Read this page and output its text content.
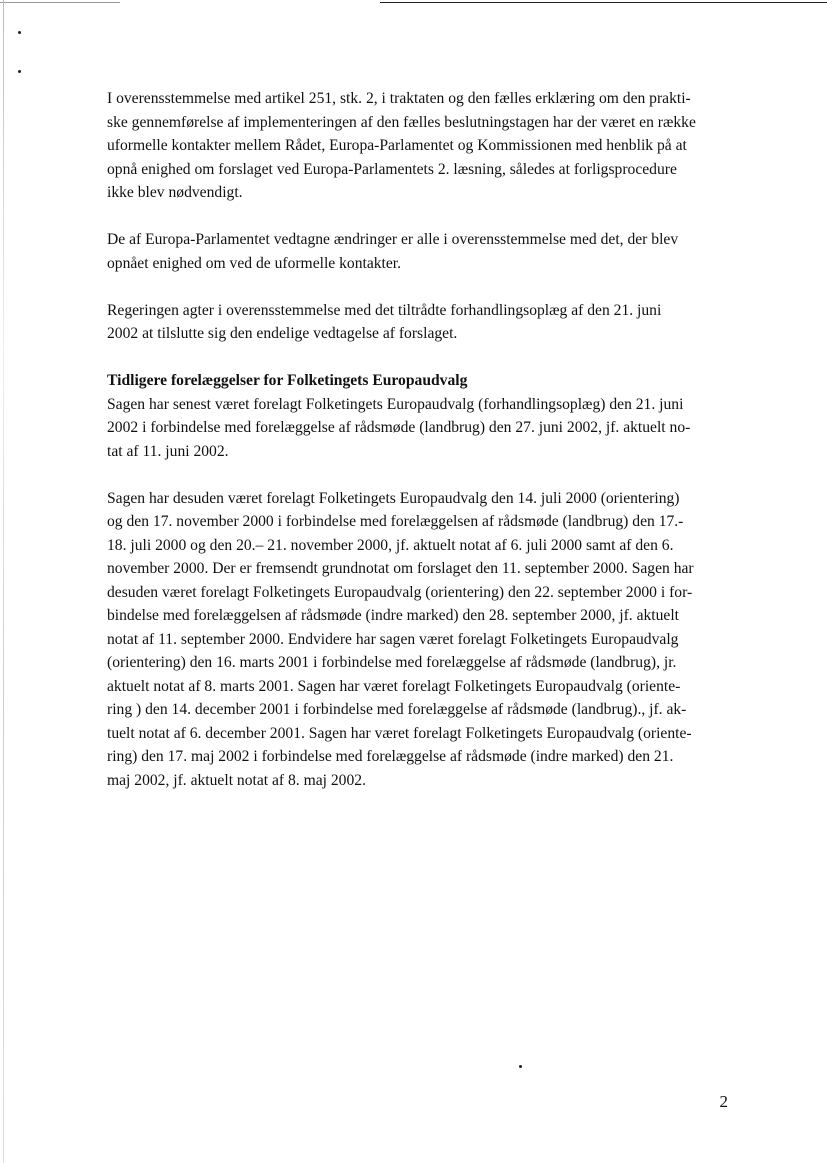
I overensstemmelse med artikel 251, stk. 2, i traktaten og den fælles erklæring om den prakti-
ske gennemførelse af implementeringen af den fælles beslutningstagen har der været en række
uformelle kontakter mellem Rådet, Europa-Parlamentet og Kommissionen med henblik på at
opnå enighed om forslaget ved Europa-Parlamentets 2. læsning, således at forligsprocedure
ikke blev nødvendigt.
De af Europa-Parlamentet vedtagne ændringer er alle i overensstemmelse med det, der blev
opnået enighed om ved de uformelle kontakter.
Regeringen agter i overensstemmelse med det tiltrådte forhandlingsoplæg af den 21. juni
2002 at tilslutte sig den endelige vedtagelse af forslaget.
Tidligere forelæggelser for Folketingets Europaudvalg
Sagen har senest været forelagt Folketingets Europaudvalg (forhandlingsoplæg) den 21. juni
2002 i forbindelse med forelæggelse af rådsmøde (landbrug) den 27. juni 2002, jf. aktuelt no-
tat af 11. juni 2002.
Sagen har desuden været forelagt Folketingets Europaudvalg den 14. juli 2000 (orientering)
og den 17. november 2000 i forbindelse med forelæggelsen af rådsmøde (landbrug) den 17.-
18. juli 2000 og den 20.– 21. november 2000, jf. aktuelt notat af 6. juli 2000 samt af den 6.
november 2000. Der er fremsendt grundnotat om forslaget den 11. september 2000. Sagen har
desuden været forelagt Folketingets Europaudvalg (orientering) den 22. september 2000 i for-
bindelse med forelæggelsen af rådsmøde (indre marked) den 28. september 2000, jf. aktuelt
notat af 11. september 2000. Endvidere har sagen været forelagt Folketingets Europaudvalg
(orientering) den 16. marts 2001 i forbindelse med forelæggelse af rådsmøde (landbrug), jr.
aktuelt notat af 8. marts 2001. Sagen har været forelagt Folketingets Europaudvalg (oriente-
ring ) den 14. december 2001 i forbindelse med forelæggelse af rådsmøde (landbrug)., jf. ak-
tuelt notat af 6. december 2001. Sagen har været forelagt Folketingets Europaudvalg (oriente-
ring) den 17. maj 2002 i forbindelse med forelæggelse af rådsmøde (indre marked) den 21.
maj 2002, jf. aktuelt notat af 8. maj 2002.
2
